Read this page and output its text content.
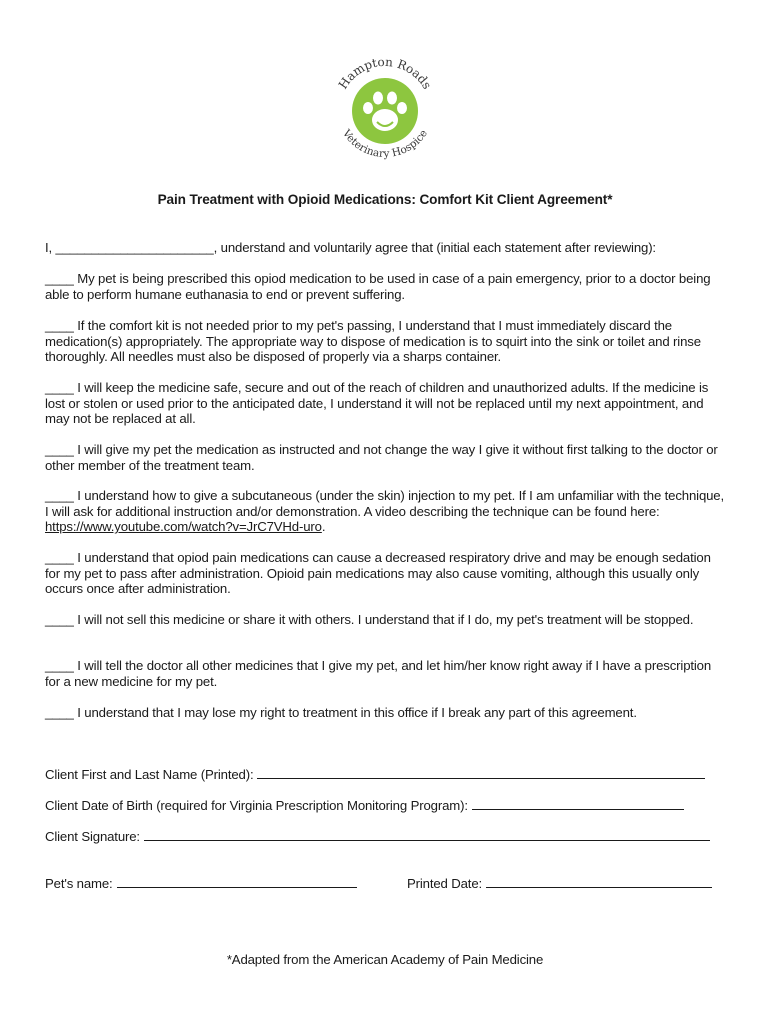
Hampton Roads
Veterinary Hospice
Pain Treatment with Opioid Medications: Comfort Kit Client Agreement*
I, ______________________, understand and voluntarily agree that (initial each statement after reviewing):
____ My pet is being prescribed this opiod medication to be used in case of a pain emergency, prior to a doctor being able to perform humane euthanasia to end or prevent suffering.
____ If the comfort kit is not needed prior to my pet's passing, I understand that I must immediately discard the medication(s) appropriately. The appropriate way to dispose of medication is to squirt into the sink or toilet and rinse thoroughly. All needles must also be disposed of properly via a sharps container.
____ I will keep the medicine safe, secure and out of the reach of children and unauthorized adults. If the medicine is lost or stolen or used prior to the anticipated date, I understand it will not be replaced until my next appointment, and may not be replaced at all.
____ I will give my pet the medication as instructed and not change the way I give it without first talking to the doctor or other member of the treatment team.
____ I understand how to give a subcutaneous (under the skin) injection to my pet. If I am unfamiliar with the technique, I will ask for additional instruction and/or demonstration. A video describing the technique can be found here: https://www.youtube.com/watch?v=JrC7VHd-uro.
____ I understand that opiod pain medications can cause a decreased respiratory drive and may be enough sedation for my pet to pass after administration. Opioid pain medications may also cause vomiting, although this usually only occurs once after administration.
____ I will not sell this medicine or share it with others. I understand that if I do, my pet's treatment will be stopped.
____ I will tell the doctor all other medicines that I give my pet, and let him/her know right away if I have a prescription for a new medicine for my pet.
____ I understand that I may lose my right to treatment in this office if I break any part of this agreement.
Client First and Last Name (Printed):
Client Date of Birth (required for Virginia Prescription Monitoring Program):
Client Signature:
Pet's name:	Printed Date:
*Adapted from the American Academy of Pain Medicine
